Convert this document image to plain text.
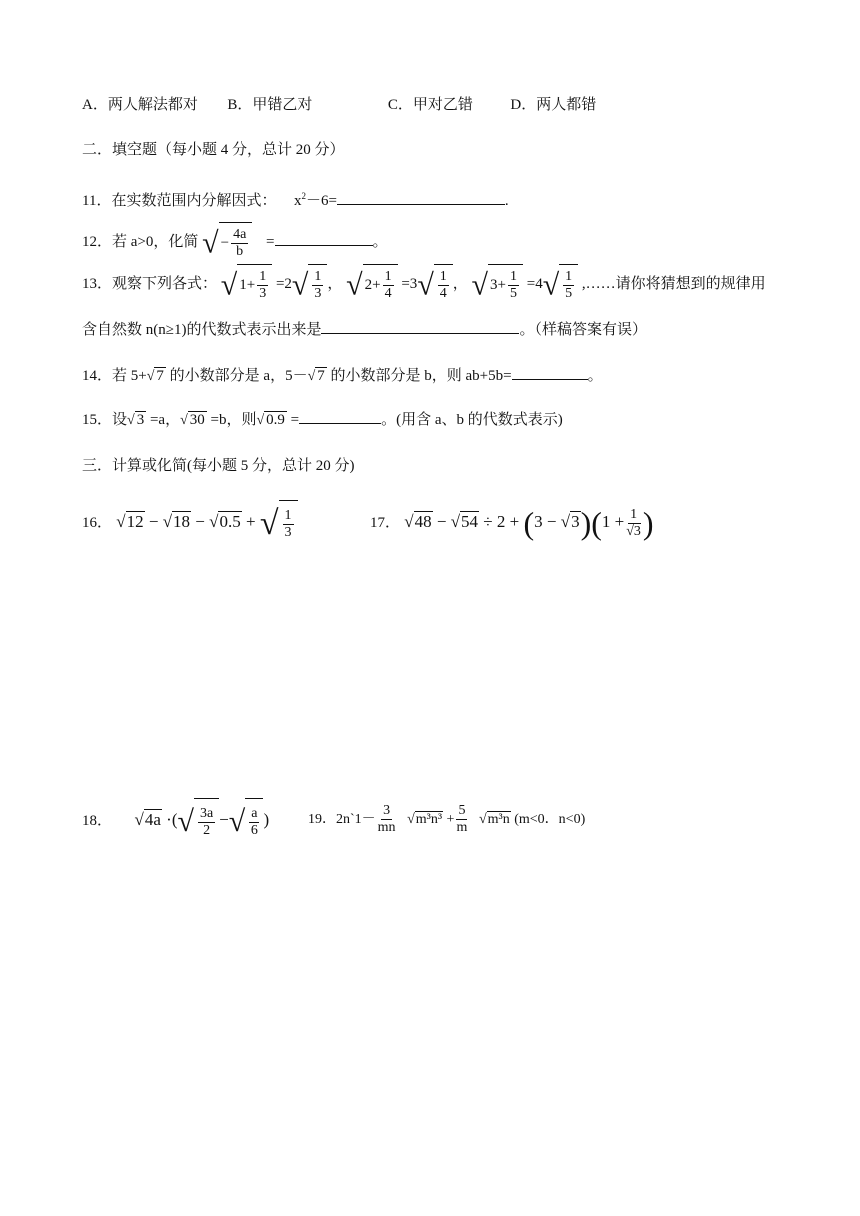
A．两人解法都对 B．甲错乙对	C．甲对乙错	D．两人都错
二．填空题（每小题 4 分，总计 20 分）
11．在实数范围内分解因式： $x^2-6=$	.
12．若 a>0，化简 √ − $\frac{4a}{b}$ =	。
13．观察下列各式： √ $1+ \frac{1}{3} =2√ \frac{1}{3}$ ， √ $2+ \frac{1}{4} =3√ \frac{1}{4}$ ， √ $3+ \frac{1}{5} =4√ \frac{1}{5}$ ,……请你将猜想到的规律用
含自然数 n(n≥1)的代数式表示出来是	。（样稿答案有误）
14．若 5+√ 7 的小数部分是 a，5－√ 7 的小数部分是 b，则 ab+5b=	。
15．设√ 3 =a，√ 30 =b，则√ 0.9 =	。(用含 a、b 的代数式表示)
三．计算或化简(每小题 5 分，总计 20 分)
16． √12 − √18 − √0.5 + √ $\frac{1}{3}$	17． $√48 - √54 \div 2 + (3 - √3)(1 + \frac{1}{√3}$ )
18． √4a ·(√ $\frac{3a}{2}$ −√ $\frac{a}{6}$ )	19．2n`1－ $\frac{3}{mn} √m^3n^3 + \frac{5}{m} √m^3n$ (m<0．n<0)
